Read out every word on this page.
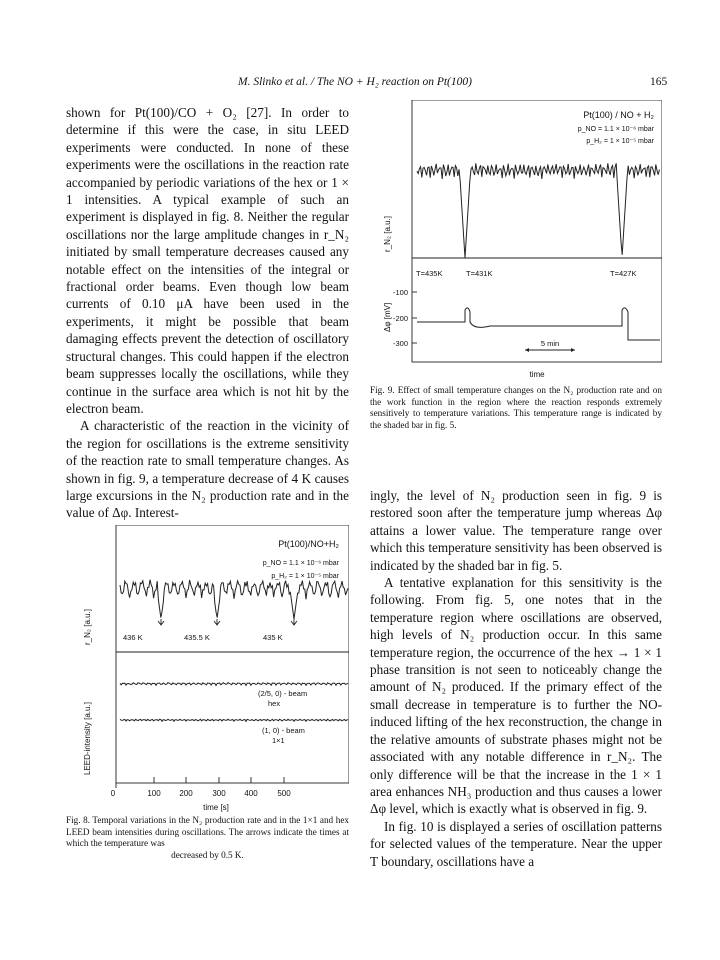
M. Slinko et al. / The NO + H₂ reaction on Pt(100)	165

shown for Pt(100)/CO + O₂ [27]. In order to determine if this were the case, in situ LEED experiments were conducted. In none of these experiments were the oscillations in the reaction rate accompanied by periodic variations of the hex or 1 × 1 intensities. A typical example of such an experiment is displayed in fig. 8. Neither the regular oscillations nor the large amplitude changes in r_N₂ initiated by small temperature decreases caused any notable effect on the intensities of the integral or fractional order beams. Even though low beam currents of 0.10 μA have been used in the experiments, it might be possible that beam damaging effects prevent the detection of oscillatory structural changes. This could happen if the electron beam suppresses locally the oscillations, while they continue in the surface area which is not hit by the electron beam.

A characteristic of the reaction in the vicinity of the region for oscillations is the extreme sensitivity of the reaction rate to small temperature changes. As shown in fig. 9, a temperature decrease of 4 K causes large excursions in the N₂ production rate and in the value of Δφ. Interest-

ingly, the level of N₂ production seen in fig. 9 is restored soon after the temperature jump whereas Δφ attains a lower value. The temperature range over which this temperature sensitivity has been observed is indicated by the shaded bar in fig. 5.

A tentative explanation for this sensitivity is the following. From fig. 5, one notes that in the temperature region where oscillations are observed, high levels of N₂ production occur. In this same temperature region, the occurrence of the hex → 1 × 1 phase transition is not seen to noticeably change the amount of N₂ produced. If the primary effect of the small decrease in temperature is to further the NO-induced lifting of the hex reconstruction, the change in the relative amounts of substrate phases might not be associated with any notable difference in r_N₂. The only difference will be that the increase in the 1 × 1 area enhances NH₃ production and thus causes a lower Δφ level, which is exactly what is observed in fig. 9.

In fig. 10 is displayed a series of oscillation patterns for selected values of the temperature. Near the upper T boundary, oscillations have a

Pt(100) / NO + H₂
p_NO = 1.1 × 10⁻⁶ mbar
p_H₂ = 1 × 10⁻⁵ mbar
r_N₂ [a.u.]
T=435K	T=431K	T=427K
Δφ [mV]
-100
-200
-300	5 min
time
Fig. 9. Effect of small temperature changes on the N₂ production rate and on the work function in the region where the reaction responds extremely sensitively to temperature variations. This temperature range is indicated by the shaded bar in fig. 5.
Pt(100)/NO+H₂
p_NO = 1.1 × 10⁻⁶ mbar
p_H₂ = 1 × 10⁻⁵ mbar
r_N₂ [a.u.]	436 K	435.5 K	435 K
LEED-intensity [a.u.]
(2/5, 0) - beam
hex
(1, 0) - beam
1×1
0	100 200 300 400 500
time [s]
Fig. 8. Temporal variations in the N₂ production rate and in the 1×1 and hex LEED beam intensities during oscillations. The arrows indicate the times at which the temperature was
decreased by 0.5 K.
